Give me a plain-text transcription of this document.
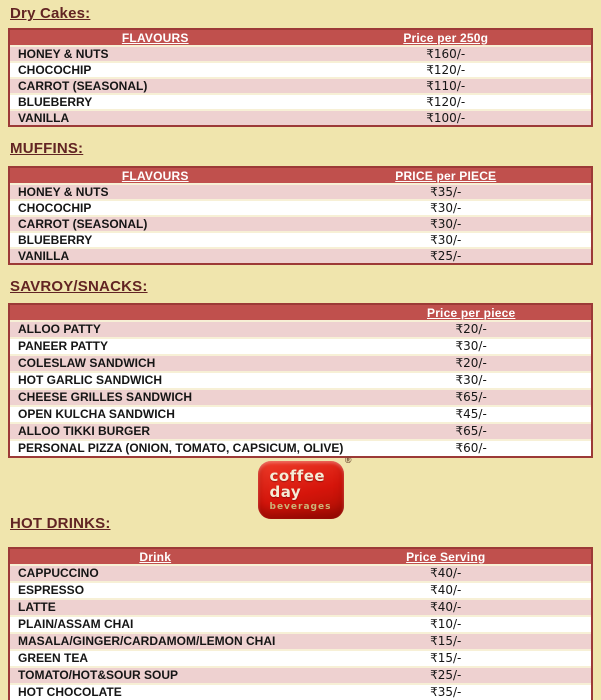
Dry Cakes:
FLAVOURS	Price per 250g
HONEY & NUTS	₹160/-
CHOCOCHIP	₹120/-
CARROT (SEASONAL)	₹110/-
BLUEBERRY	₹120/-
VANILLA	₹100/-
MUFFINS:
FLAVOURS	PRICE per PIECE
HONEY & NUTS	₹35/-
CHOCOCHIP	₹30/-
CARROT (SEASONAL)	₹30/-
BLUEBERRY	₹30/-
VANILLA	₹25/-
SAVROY/SNACKS:
	Price per piece
ALLOO PATTY	₹20/-
PANEER PATTY	₹30/-
COLESLAW SANDWICH	₹20/-
HOT GARLIC SANDWICH	₹30/-
CHEESE GRILLES SANDWICH	₹65/-
OPEN KULCHA SANDWICH	₹45/-
ALLOO TIKKI BURGER	₹65/-
PERSONAL PIZZA (ONION, TOMATO, CAPSICUM, OLIVE)	₹60/-
®
coffee
day
beverages
HOT DRINKS:
Drink	Price Serving
CAPPUCCINO	₹40/-
ESPRESSO	₹40/-
LATTE	₹40/-
PLAIN/ASSAM CHAI	₹10/-
MASALA/GINGER/CARDAMOM/LEMON CHAI	₹15/-
GREEN TEA	₹15/-
TOMATO/HOT&SOUR SOUP	₹25/-
HOT CHOCOLATE	₹35/-
